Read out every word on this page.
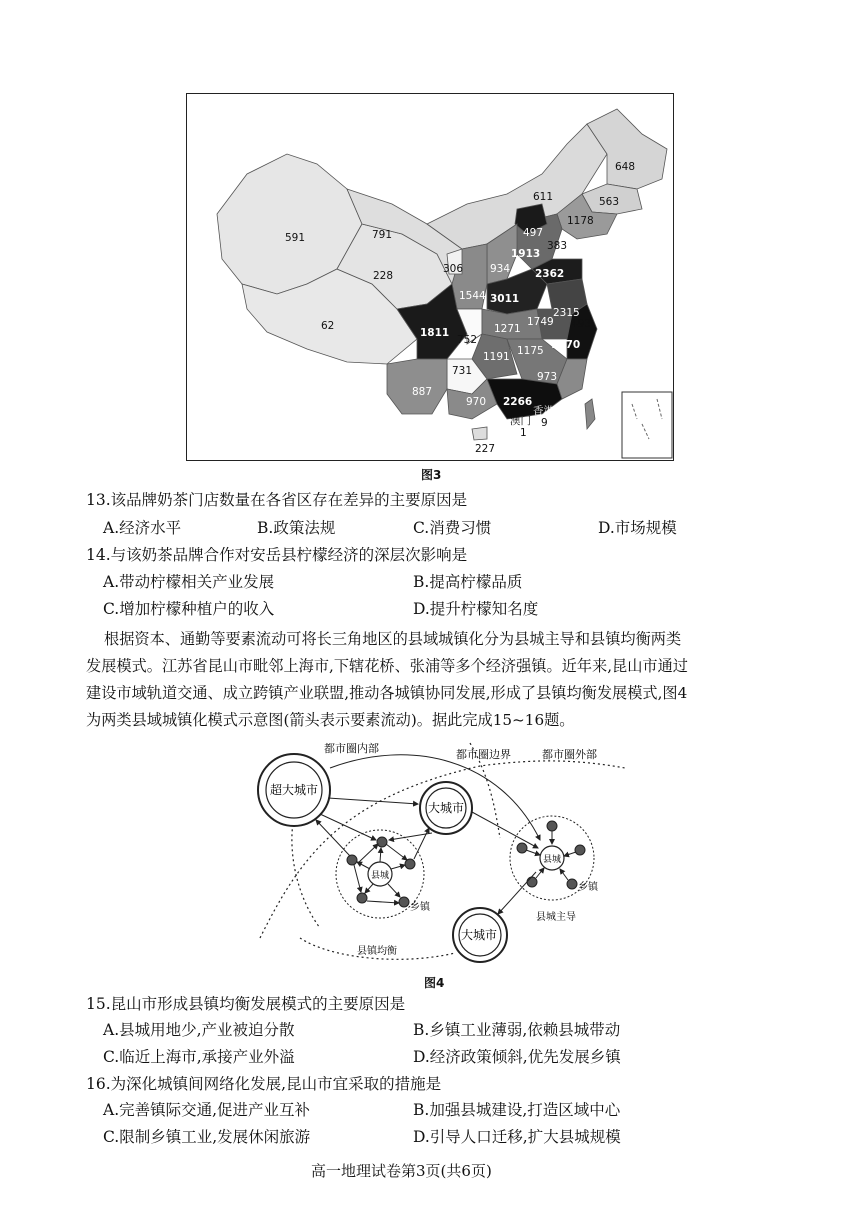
648
611	563
1178
591	791	497
383
1913
228
306	934 2362
1544 3011
2315
1811
1749 493
62
752
1271
1175 1970
1191
731	973
887
970 2266
香港
澳门 9
1
227
图3
13.该品牌奶茶门店数量在各省区存在差异的主要原因是
A.经济水平	B.政策法规	C.消费习惯	D.市场规模
14.与该奶茶品牌合作对安岳县柠檬经济的深层次影响是
A.带动柠檬相关产业发展	B.提高柠檬品质
C.增加柠檬种植户的收入	D.提升柠檬知名度
根据资本、通勤等要素流动可将长三角地区的县域城镇化分为县城主导和县镇均衡两类
发展模式。江苏省昆山市毗邻上海市,下辖花桥、张浦等多个经济强镇。近年来,昆山市通过
建设市域轨道交通、成立跨镇产业联盟,推动各城镇协同发展,形成了县镇均衡发展模式,图4
为两类县域城镇化模式示意图(箭头表示要素流动)。据此完成15~16题。
都市圈内部	都市圈边界	都市圈外部
超大城市
大城市
大城市
县城
县城
乡镇
乡镇
县镇均衡
县城主导
图4
15.昆山市形成县镇均衡发展模式的主要原因是
A.县城用地少,产业被迫分散	B.乡镇工业薄弱,依赖县城带动
C.临近上海市,承接产业外溢	D.经济政策倾斜,优先发展乡镇
16.为深化城镇间网络化发展,昆山市宜采取的措施是
A.完善镇际交通,促进产业互补	B.加强县城建设,打造区域中心
C.限制乡镇工业,发展休闲旅游	D.引导人口迁移,扩大县城规模
高一地理试卷第3页(共6页)
